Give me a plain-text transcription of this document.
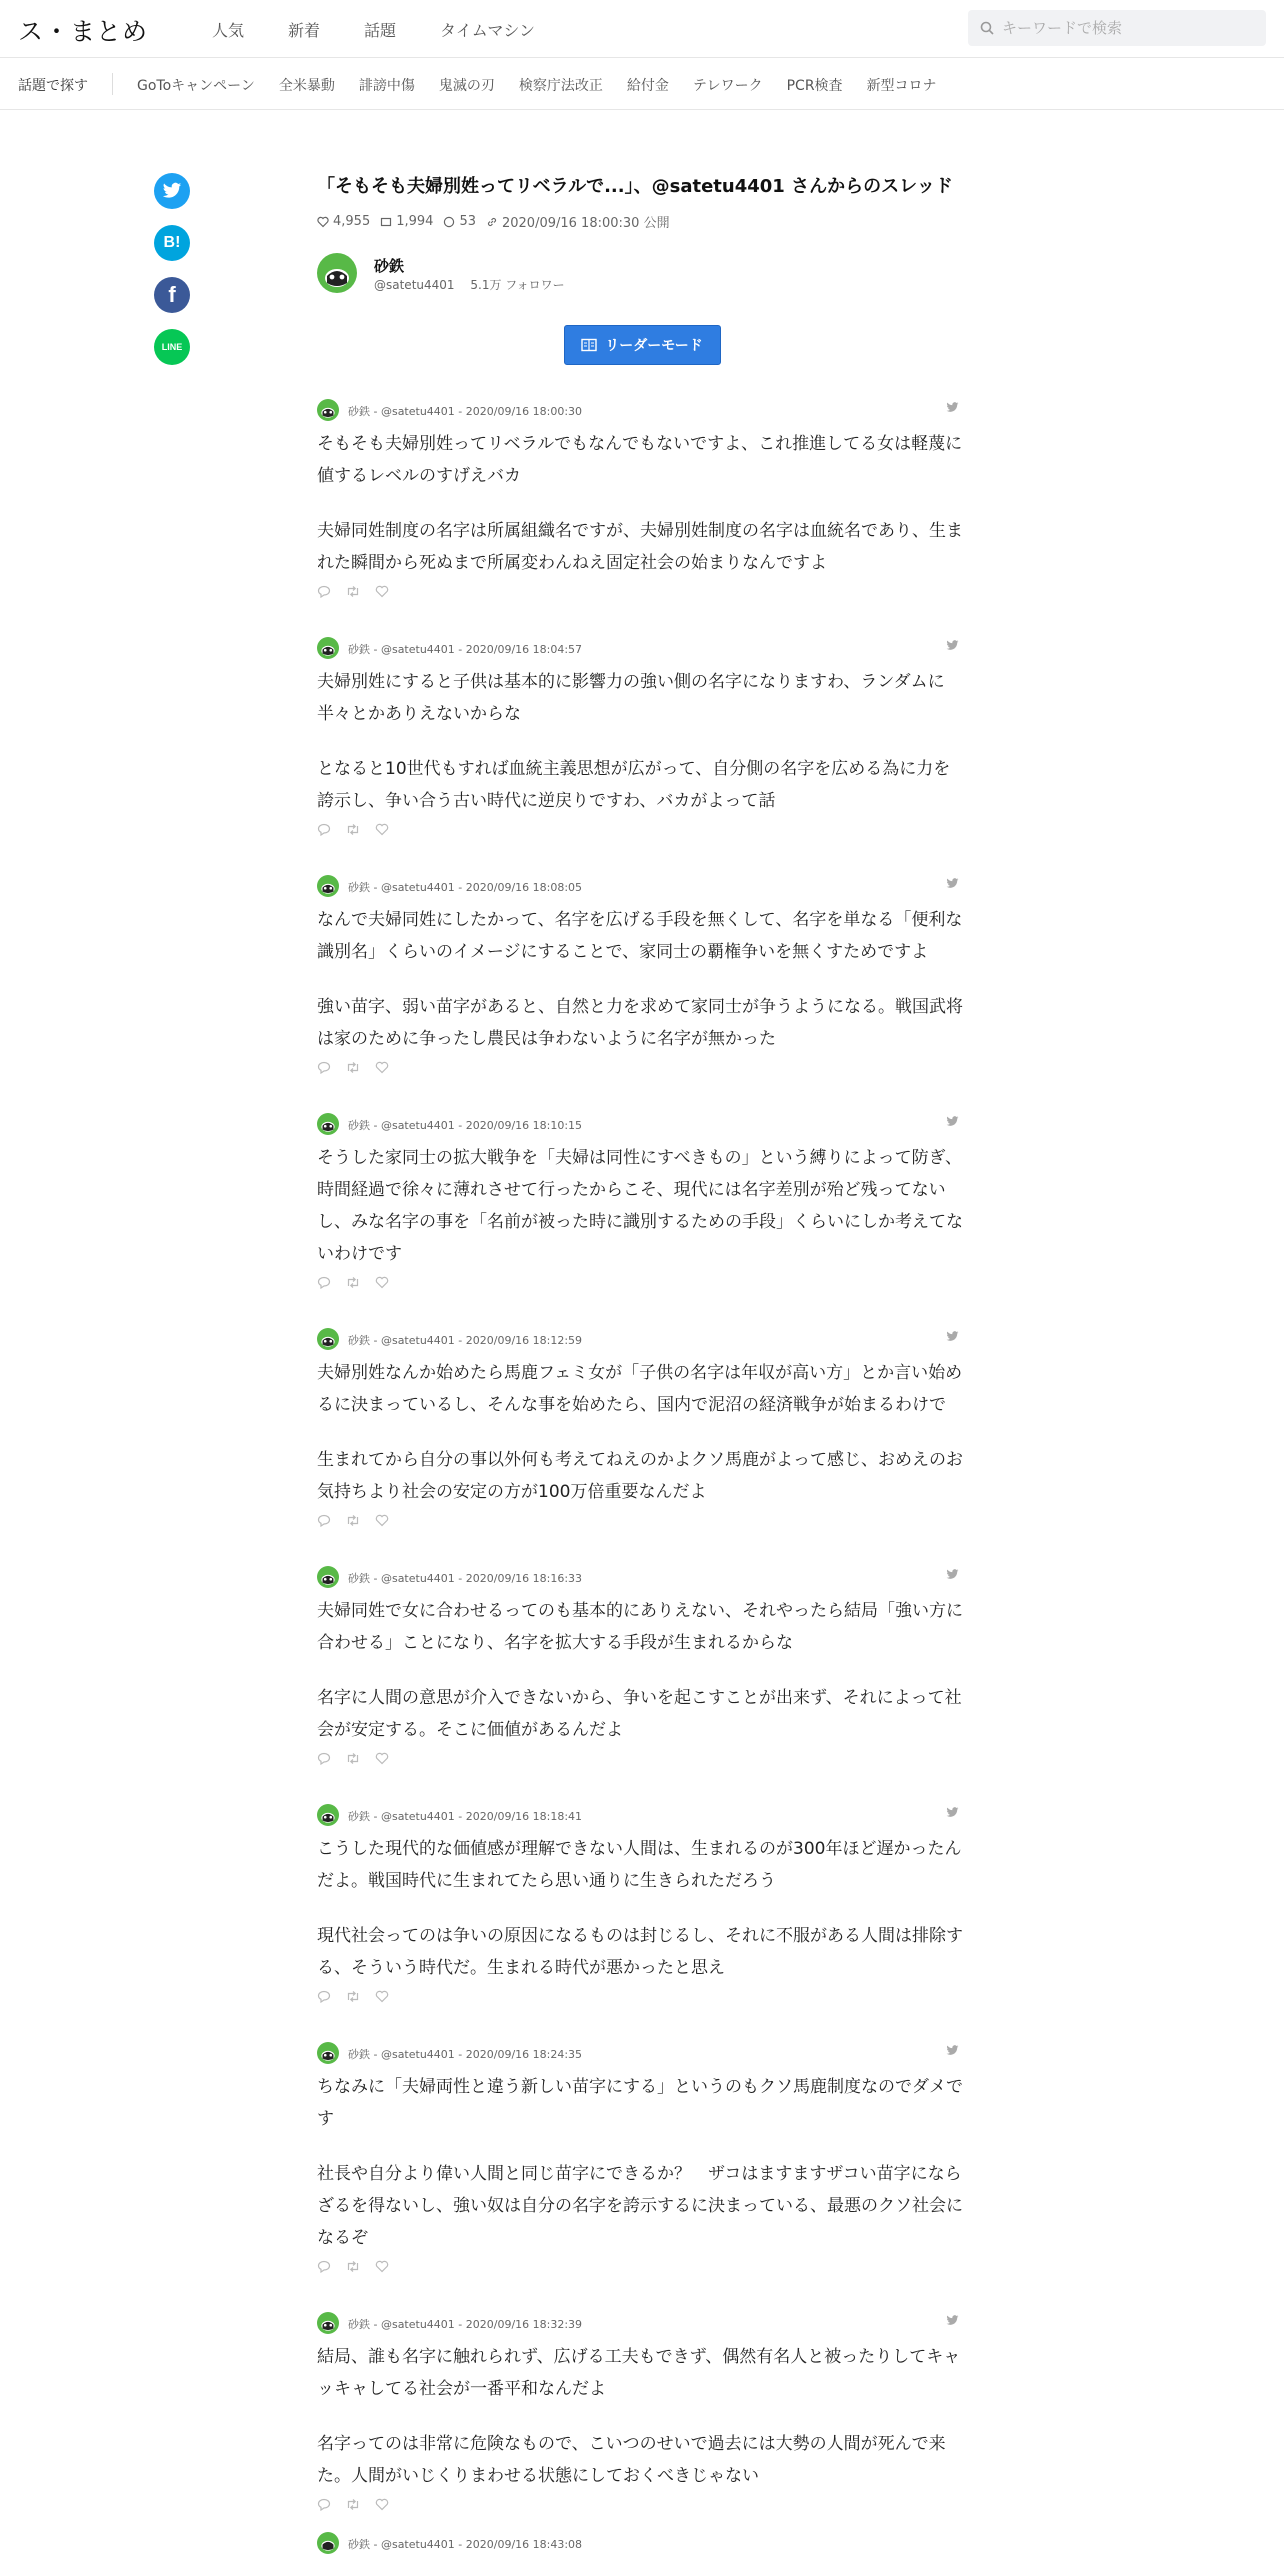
ス・まとめ	人気	新着	話題	タイムマシン
キーワードで検索
話題で探す	GoToキャンペーン 全米暴動 誹謗中傷 鬼滅の刃 検察庁法改正 給付金 テレワーク PCR検査 新型コロナ
B!
f
LINE
「そもそも夫婦別姓ってリベラルで...」、@satetu4401 さんからのスレッド
4,955 1,994 53 2020/09/16 18:00:30 公開
砂鉄
@satetu4401 5.1万 フォロワー
リーダーモード
砂鉄 - @satetu4401 - 2020/09/16 18:00:30

そもそも夫婦別姓ってリベラルでもなんでもないですよ、これ推進してる女は軽蔑に値するレベルのすげえバカ

夫婦同姓制度の名字は所属組織名ですが、夫婦別姓制度の名字は血統名であり、生まれた瞬間から死ぬまで所属変わんねえ固定社会の始まりなんですよ

砂鉄 - @satetu4401 - 2020/09/16 18:04:57

夫婦別姓にすると子供は基本的に影響力の強い側の名字になりますわ、ランダムに半々とかありえないからな

となると10世代もすれば血統主義思想が広がって、自分側の名字を広める為に力を誇示し、争い合う古い時代に逆戻りですわ、バカがよって話

砂鉄 - @satetu4401 - 2020/09/16 18:08:05

なんで夫婦同姓にしたかって、名字を広げる手段を無くして、名字を単なる「便利な識別名」くらいのイメージにすることで、家同士の覇権争いを無くすためですよ

強い苗字、弱い苗字があると、自然と力を求めて家同士が争うようになる。戦国武将は家のために争ったし農民は争わないように名字が無かった

砂鉄 - @satetu4401 - 2020/09/16 18:10:15

そうした家同士の拡大戦争を「夫婦は同性にすべきもの」という縛りによって防ぎ、時間経過で徐々に薄れさせて行ったからこそ、現代には名字差別が殆ど残ってないし、みな名字の事を「名前が被った時に識別するための手段」くらいにしか考えてないわけです

砂鉄 - @satetu4401 - 2020/09/16 18:12:59

夫婦別姓なんか始めたら馬鹿フェミ女が「子供の名字は年収が高い方」とか言い始めるに決まっているし、そんな事を始めたら、国内で泥沼の経済戦争が始まるわけで

生まれてから自分の事以外何も考えてねえのかよクソ馬鹿がよって感じ、おめえのお気持ちより社会の安定の方が100万倍重要なんだよ

砂鉄 - @satetu4401 - 2020/09/16 18:16:33

夫婦同姓で女に合わせるってのも基本的にありえない、それやったら結局「強い方に合わせる」ことになり、名字を拡大する手段が生まれるからな

名字に人間の意思が介入できないから、争いを起こすことが出来ず、それによって社会が安定する。そこに価値があるんだよ

砂鉄 - @satetu4401 - 2020/09/16 18:18:41

こうした現代的な価値感が理解できない人間は、生まれるのが300年ほど遅かったんだよ。戦国時代に生まれてたら思い通りに生きられただろう

現代社会ってのは争いの原因になるものは封じるし、それに不服がある人間は排除する、そういう時代だ。生まれる時代が悪かったと思え

砂鉄 - @satetu4401 - 2020/09/16 18:24:35

ちなみに「夫婦両性と違う新しい苗字にする」というのもクソ馬鹿制度なのでダメです

社長や自分より偉い人間と同じ苗字にできるか？　ザコはますますザコい苗字にならざるを得ないし、強い奴は自分の名字を誇示するに決まっている、最悪のクソ社会になるぞ

砂鉄 - @satetu4401 - 2020/09/16 18:32:39

結局、誰も名字に触れられず、広げる工夫もできず、偶然有名人と被ったりしてキャッキャしてる社会が一番平和なんだよ

名字ってのは非常に危険なもので、こいつのせいで過去には大勢の人間が死んで来た。人間がいじくりまわせる状態にしておくべきじゃない

砂鉄 - @satetu4401 - 2020/09/16 18:43:08
